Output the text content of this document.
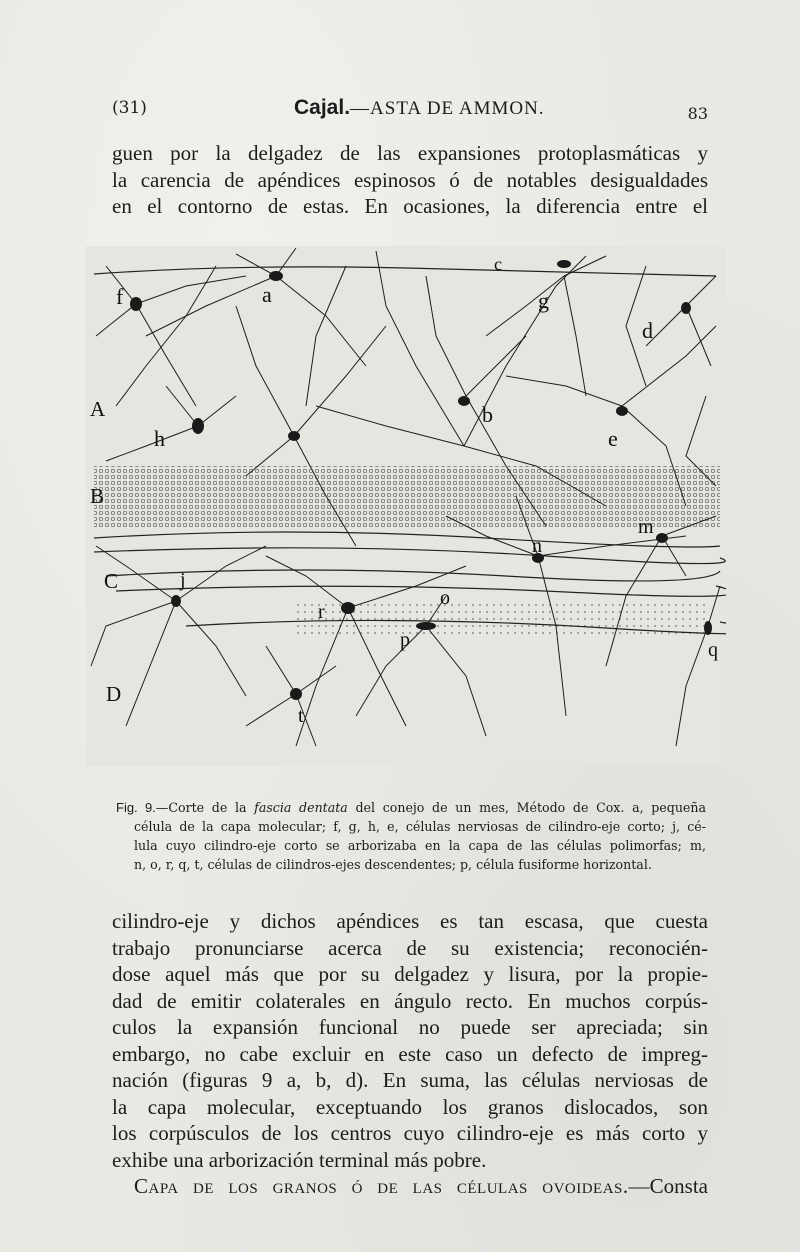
(31)	Cajal.—ASTA DE AMMON.	83
guen por la delgadez de las expansiones protoplasmáticas y
la carencia de apéndices espinosos ó de notables desigualdades
en el contorno de estas. En ocasiones, la diferencia entre el
A
B
C
D
a
b
c
d
e
f	g
h
j
m
n
o
p	q
r
t
Fig. 9.—Corte de la fascia dentata del conejo de un mes, Método de Cox. a, pequeña
célula de la capa molecular; f, g, h, e, células nerviosas de cilindro-eje corto; j, cé-
lula cuyo cilindro-eje corto se arborizaba en la capa de las células polimorfas; m,
n, o, r, q, t, células de cilindros-ejes descendentes; p, célula fusiforme horizontal.
cilindro-eje y dichos apéndices es tan escasa, que cuesta
trabajo pronunciarse acerca de su existencia; reconocién-
dose aquel más que por su delgadez y lisura, por la propie-
dad de emitir colaterales en ángulo recto. En muchos corpús-
culos la expansión funcional no puede ser apreciada; sin
embargo, no cabe excluir en este caso un defecto de impreg-
nación (figuras 9 a, b, d). En suma, las células nerviosas de
la capa molecular, exceptuando los granos dislocados, son
los corpúsculos de los centros cuyo cilindro-eje es más corto y
exhibe una arborización terminal más pobre.
Capa de los granos ó de las células ovoideas.—Consta
